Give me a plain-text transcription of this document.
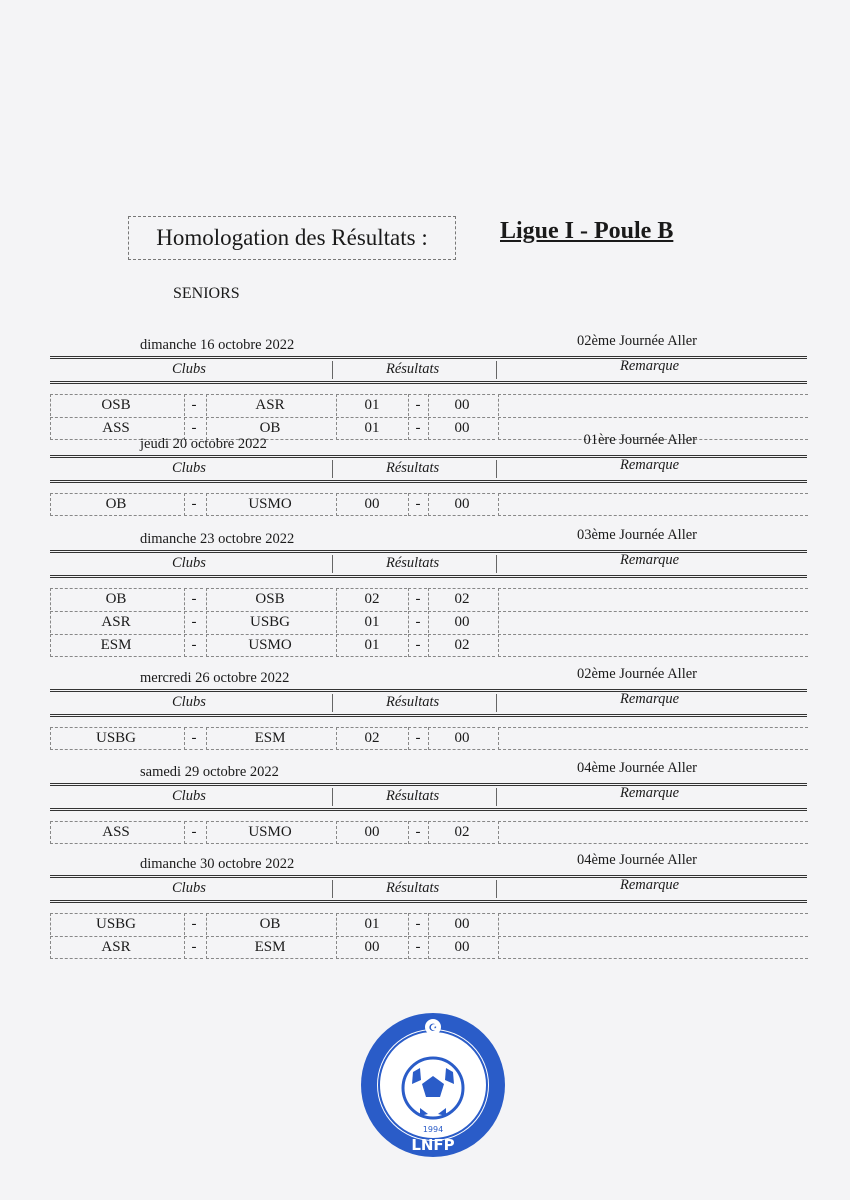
Homologation des Résultats :	Ligue I - Poule B
SENIORS
dimanche 16 octobre 2022	02ème Journée Aller
Clubs	Résultats	Remarque
OSB	-	ASR	01	-	00
ASS	-	OB	01	-	00
jeudi 20 octobre 2022	01ère Journée Aller
Clubs	Résultats	Remarque
OB	-	USMO	00	-	00
dimanche 23 octobre 2022	03ème Journée Aller
Clubs	Résultats	Remarque
OB	-	OSB	02	-	02
ASR	-	USBG	01	-	00
ESM	-	USMO	01	-	02
mercredi 26 octobre 2022	02ème Journée Aller
Clubs	Résultats	Remarque
USBG	-	ESM	02	-	00
samedi 29 octobre 2022	04ème Journée Aller
Clubs	Résultats	Remarque
ASS	-	USMO	00	-	02
dimanche 30 octobre 2022	04ème Journée Aller
Clubs	Résultats	Remarque
USBG	-	OB	01	-	00
ASR	-	ESM	00	-	00
☪
1994
LNFP
